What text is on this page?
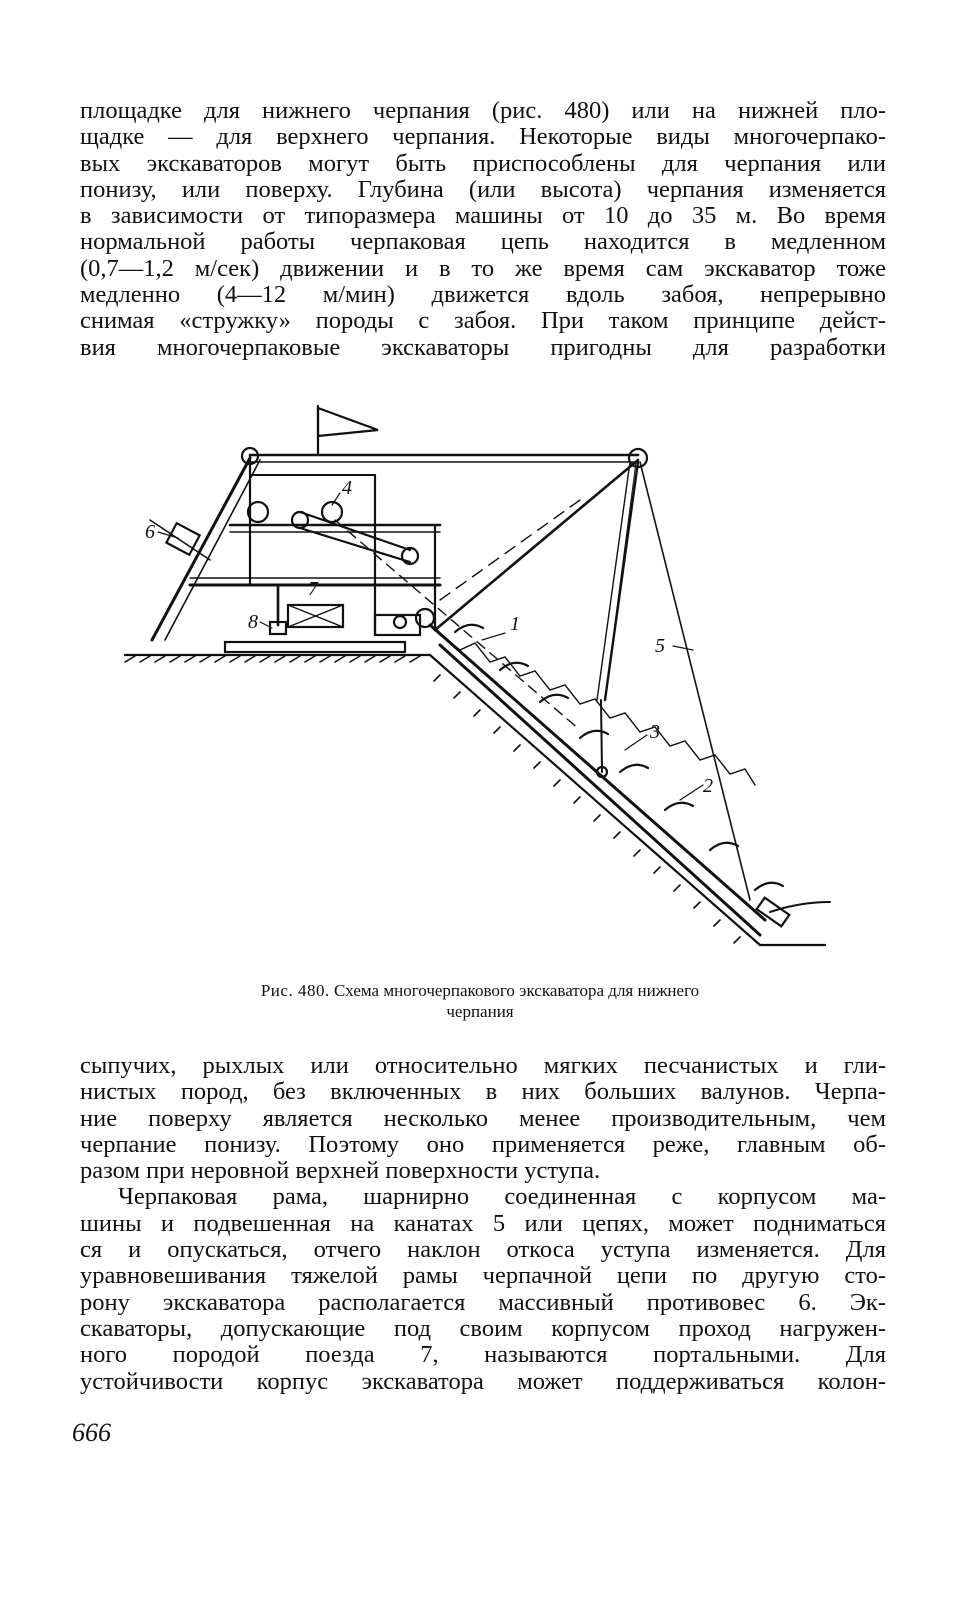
площадке для нижнего черпания (рис. 480) или на нижней пло-

щадке — для верхнего черпания. Некоторые виды многочерпако-

вых экскаваторов могут быть приспособлены для черпания или

понизу, или поверху. Глубина (или высота) черпания изменяется

в зависимости от типоразмера машины от 10 до 35 м. Во время

нормальной работы черпаковая цепь находится в медленном

(0,7—1,2 м/сек) движении и в то же время сам экскаватор тоже

медленно (4—12 м/мин) движется вдоль забоя, непрерывно

снимая «стружку» породы с забоя. При таком принципе дейст-

вия многочерпаковые экскаваторы пригодны для разработки

1
2
3
4
5
6
7
8
Рис. 480. Схема многочерпакового экскаватора для нижнего
черпания

сыпучих, рыхлых или относительно мягких песчанистых и гли-

нистых пород, без включенных в них больших валунов. Черпа-

ние поверху является несколько менее производительным, чем

черпание понизу. Поэтому оно применяется реже, главным об-

разом при неровной верхней поверхности уступа.

Черпаковая рама, шарнирно соединенная с корпусом ма-

шины и подвешенная на канатах 5 или цепях, может подниматься

ся и опускаться, отчего наклон откоса уступа изменяется. Для

уравновешивания тяжелой рамы черпачной цепи по другую сто-

рону экскаватора располагается массивный противовес 6. Эк-

скаваторы, допускающие под своим корпусом проход нагружен-

ного породой поезда 7, называются портальными. Для

устойчивости корпус экскаватора может поддерживаться колон-

666
